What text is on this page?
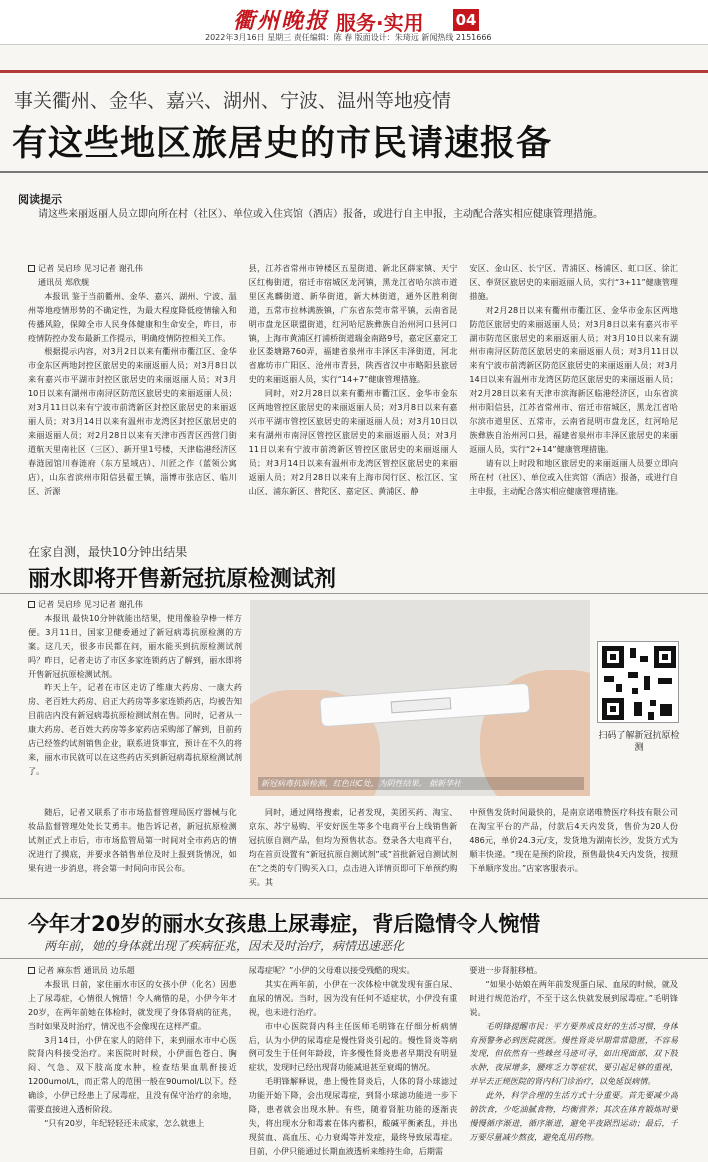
衢州晚报 服务·实用 04
2022年3月16日 星期三 责任编辑：陈 春 版面设计：朱琦远 新闻热线 2151666
事关衢州、金华、嘉兴、湖州、宁波、温州等地疫情
有这些地区旅居史的市民请速报备
阅读提示
请这些来丽返丽人员立即向所在村（社区）、单位或入住宾馆（酒店）报备，或进行自主申报，主动配合落实相应健康管理措施。

记者 吴启珍 见习记者 谢孔伟

通讯员 郑欣舰

本报讯 鉴于当前衢州、金华、嘉兴、湖州、宁波、温州等地疫情形势的不确定性，为最大程度降低疫情输入和传播风险，保障全市人民身体健康和生命安全，昨日，市疫情防控办发布最新工作提示，明确疫情防控相关工作。

根据提示内容，对3月2日以来有衢州市衢江区、金华市金东区两地封控区旅居史的来丽返丽人员；对3月8日以来有嘉兴市平湖市封控区旅居史的来丽返丽人员；对3月10日以来有湖州市南浔区防范区旅居史的来丽返丽人员；对3月11日以来有宁波市前湾新区封控区旅居史的来丽返丽人员；对3月14日以来有温州市龙湾区封控区旅居史的来丽返丽人员；对2月28日以来有天津市西青区西营门街道航天里南社区（三区）、新开里1号楼，天津临港经济区春涟园馆川春涟府（东方星域店）、川匠之作（蓝领公寓店），山东省滨州市阳信县翟王镇，淄博市张店区、临川区、沂源

县，江苏省常州市钟楼区五星街道、新北区薛家镇、天宁区红梅街道，宿迁市宿城区龙河镇，黑龙江省哈尔滨市道里区兆麟街道、新华街道，新大林街道，通外区胜利街道，五常市拉林满族镇，广东省东莞市常平镇，云南省昆明市盘龙区联盟街道，红河哈尼族彝族自治州河口县河口镇，上海市黄浦区打浦桥街道瑞金南路9号，嘉定区嘉定工业区娄塘路760弄，福建省泉州市丰泽区丰泽街道，河北省廊坊市广阳区、沧州市青县，陕西省汉中市略阳县旅居史的来丽返丽人员，实行“14+7”健康管理措施。

同时，对2月28日以来有衢州市衢江区、金华市金东区两地管控区旅居史的来丽返丽人员；对3月8日以来有嘉兴市平湖市管控区旅居史的来丽返丽人员；对3月10日以来有湖州市南浔区管控区旅居史的来丽返丽人员；对3月11日以来有宁波市前湾新区管控区旅居史的来丽返丽人员；对3月14日以来有温州市龙湾区管控区旅居史的来丽返丽人员；对2月28日以来有上海市闵行区、松江区、宝山区、浦东新区、普陀区、嘉定区、黄浦区、静

安区、金山区、长宁区、青浦区、杨浦区、虹口区、徐汇区、奉贤区旅居史的来丽返丽人员，实行“3+11”健康管理措施。

对2月28日以来有衢州市衢江区、金华市金东区两地防范区旅居史的来丽返丽人员；对3月8日以来有嘉兴市平湖市防范区旅居史的来丽返丽人员；对3月10日以来有湖州市南浔区防范区旅居史的来丽返丽人员；对3月11日以来有宁波市前湾新区防范区旅居史的来丽返丽人员；对3月14日以来有温州市龙湾区防范区旅居史的来丽返丽人员；对2月28日以来有天津市滨海新区临港经济区，山东省滨州市阳信县，江苏省常州市、宿迁市宿城区，黑龙江省哈尔滨市道里区、五常市，云南省昆明市盘龙区，红河哈尼族彝族自治州河口县，福建省泉州市丰泽区旅居史的来丽返丽人员，实行“2+14”健康管理措施。

请有以上时段和地区旅居史的来丽返丽人员要立即向所在村（社区）、单位或入住宾馆（酒店）报备，或进行自主申报，主动配合落实相应健康管理措施。

在家自测，最快10分钟出结果
丽水即将开售新冠抗原检测试剂

记者 吴启珍 见习记者 谢孔伟

本报讯 最快10分钟就能出结果，使用像验孕棒一样方便。3月11日，国家卫健委通过了新冠病毒抗原检测的方案。这几天，很多市民都在问，丽水能买到抗原检测试剂吗？昨日，记者走访了市区多家连锁药店了解到，丽水即将开售新冠抗原检测试剂。

昨天上午，记者在市区走访了维康大药房、一康大药房、老百姓大药房、启正大药房等多家连锁药店，均被告知目前店内没有新冠病毒抗原检测试剂在售。同时，记者从一康大药房、老百姓大药房等多家药店采购部了解到，目前药店已经签约试剂销售企业，联系进货事宜，预计在不久的将来，丽水市民就可以在这些药店买到新冠病毒抗原检测试剂了。

新冠病毒抗原检测，红色出C处，为阴性结果。 据新华社
扫码了解新冠抗原检测

随后，记者又联系了市市场监督管理局医疗器械与化妆品监督管理处处长艾勇丰。他告诉记者，新冠抗原检测试剂正式上市后，市市场监管局第一时间对全市药店的情况进行了摸底，并要求各销售单位及时上报到货情况，如果有进一步消息，将会第一时间向市民公布。

同时，通过网络搜索，记者发现，美团买药、淘宝、京东、苏宁易购、平安好医生等多个电商平台上线销售新冠抗原自测产品，但均为预售状态。登录各大电商平台，均在首页设置有“新冠抗原自测试剂”或“首批新冠自测试剂在”之类的专门购买入口，点击进入详情页即可下单预约购买。其

中预售发货时间最快的，是南京诺唯赞医疗科技有限公司在淘宝平台的产品，付款后4天内发货，售价为20人份486元，单价24.3元/支，发货地为湖南长沙，发货方式为顺丰快递。“现在是预约阶段，预售最快4天内发货，按照下单顺序发出。”店家客服表示。

今年才20岁的丽水女孩患上尿毒症，背后隐情令人惋惜
两年前，她的身体就出现了疾病征兆，因未及时治疗，病情迅速恶化

记者 麻东哲 通讯员 边乐超

本报讯 日前，家住丽水市区的女孩小伊（化名）因患上了尿毒症，心情很人惋惜！令人痛惜的是，小伊今年才20岁，在两年前她在体检时，就发现了身体肾病的征兆，当时如果及时治疗，情况也不会像现在这样严重。

3月14日，小伊在家人的陪伴下，来到丽水市中心医院肾内科接受治疗。来医院时时候，小伊面色苍白、胸闷、气急、双下肢高度水肿，检查结果血肌酐接近1200umol/L，而正常人的范围一般在90umol/L以下。经确诊，小伊已经患上了尿毒症，且没有保守治疗的余地，需要直接进入透析阶段。

“只有20岁，年纪轻轻还未成家，怎么就患上

尿毒症呢？”小伊的父母难以接受残酷的现实。

其实在两年前，小伊在一次体检中就发现有蛋白尿、血尿的情况。当时，因为没有任何不适症状，小伊没有重视，也未进行治疗。

市中心医院肾内科主任医师毛明锋在仔细分析病情后，认为小伊的尿毒症是慢性肾炎引起的。慢性肾炎等病例可发生于任何年龄段，许多慢性肾炎患者早期没有明显症状，发现时已经出现肾功能减退甚至衰竭的情况。

毛明锋解释说，患上慢性肾炎后，人体的肾小球滤过功能开始下降，会出现尿毒症，到肾小球滤功能进一步下降，患者就会出现水肿。有些，随着肾脏功能的逐渐丧失，将出现水分和毒素在体内蓄积，酸碱平衡紊乱，并出现贫血、高血压、心力衰竭等并发症，最终导致尿毒症。目前，小伊只能通过长期血液透析来维持生命，后期需

要进一步肾脏移植。

“如果小姑娘在两年前发现蛋白尿、血尿的时候，就及时进行规范治疗，不至于这么快就发展到尿毒症。”毛明锋说。

毛明锋提醒市民：平方要养成良好的生活习惯，身体有预警务必到医院就医。慢性肾炎早期常常隐匿，不容易发现，但依然有一些蛛丝马迹可寻，如出现面部、双下肢水肿，夜尿增多，腰疼乏力等症状，要引起足够的重视，并早去正规医院的肾内科门诊治疗，以免延误病情。

此外，科学合理的生活方式十分重要。首先要减少高钠饮食，少吃油腻食物，均衡营养；其次在体育锻炼时要慢慢循序渐进，循序渐进，避免半夜剧烈运动；最后，千万要尽量减少熬夜，避免乱用药物。
